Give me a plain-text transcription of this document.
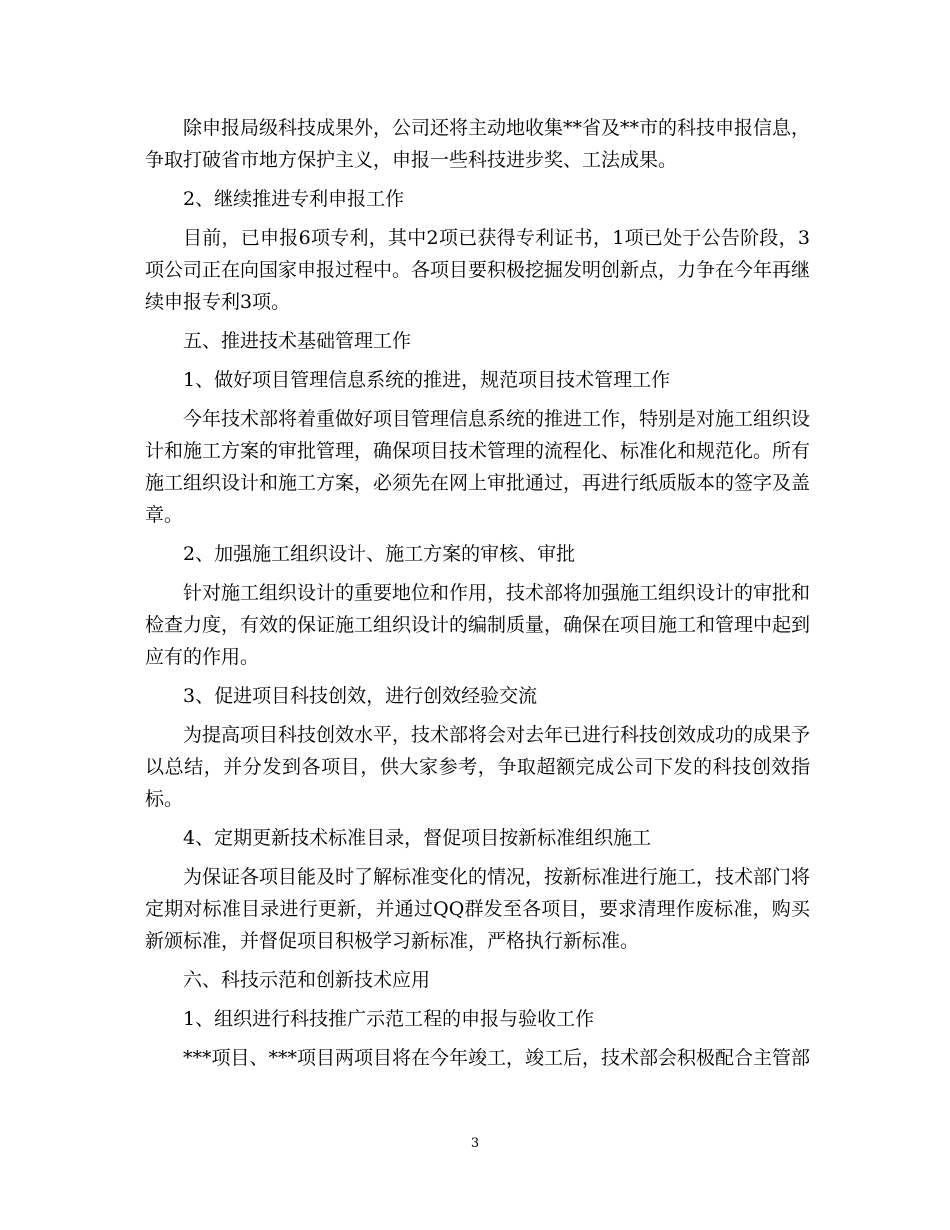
除申报局级科技成果外，公司还将主动地收集**省及**市的科技申报信息，争取打破省市地方保护主义，申报一些科技进步奖、工法成果。

2、继续推进专利申报工作

目前，已申报6项专利，其中2项已获得专利证书，1项已处于公告阶段，3项公司正在向国家申报过程中。各项目要积极挖掘发明创新点，力争在今年再继续申报专利3项。

五、推进技术基础管理工作

1、做好项目管理信息系统的推进，规范项目技术管理工作

今年技术部将着重做好项目管理信息系统的推进工作，特别是对施工组织设计和施工方案的审批管理，确保项目技术管理的流程化、标准化和规范化。所有施工组织设计和施工方案，必须先在网上审批通过，再进行纸质版本的签字及盖章。

2、加强施工组织设计、施工方案的审核、审批

针对施工组织设计的重要地位和作用，技术部将加强施工组织设计的审批和检查力度，有效的保证施工组织设计的编制质量，确保在项目施工和管理中起到应有的作用。

3、促进项目科技创效，进行创效经验交流

为提高项目科技创效水平，技术部将会对去年已进行科技创效成功的成果予以总结，并分发到各项目，供大家参考，争取超额完成公司下发的科技创效指标。

4、定期更新技术标准目录，督促项目按新标准组织施工

为保证各项目能及时了解标准变化的情况，按新标准进行施工，技术部门将定期对标准目录进行更新，并通过QQ群发至各项目，要求清理作废标准，购买新颁标准，并督促项目积极学习新标准，严格执行新标准。

六、科技示范和创新技术应用

1、组织进行科技推广示范工程的申报与验收工作

***项目、***项目两项目将在今年竣工，竣工后，技术部会积极配合主管部

3
